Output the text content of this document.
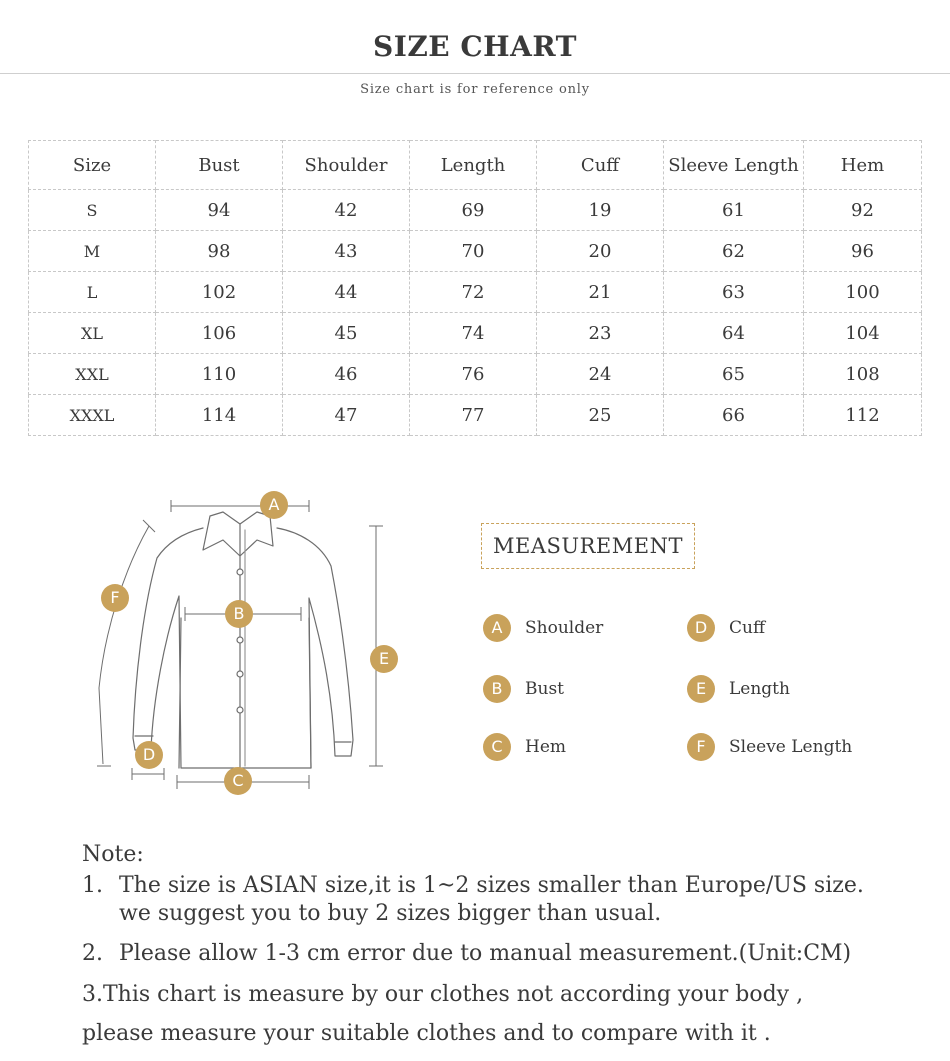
SIZE CHART
Size chart is for reference only
Size	Bust	Shoulder	Length	Cuff	Sleeve Length	Hem
S	94	42	69	19	61	92
M	98	43	70	20	62	96
L	102	44	72	21	63	100
XL	106	45	74	23	64	104
XXL	110	46	76	24	65	108
XXXL	114	47	77	25	66	112
A
B
C
D
E
F
MEASUREMENT
A	Shoulder
B	Bust
C	Hem
D	Cuff
E	Length
F	Sleeve Length
Note:
1. The size is ASIAN size,it is 1~2 sizes smaller than Europe/US size.
we suggest you to buy 2 sizes bigger than usual.
2. Please allow 1-3 cm error due to manual measurement.(Unit:CM)
3.This chart is measure by our clothes not according your body ,
please measure your suitable clothes and to compare with it .
